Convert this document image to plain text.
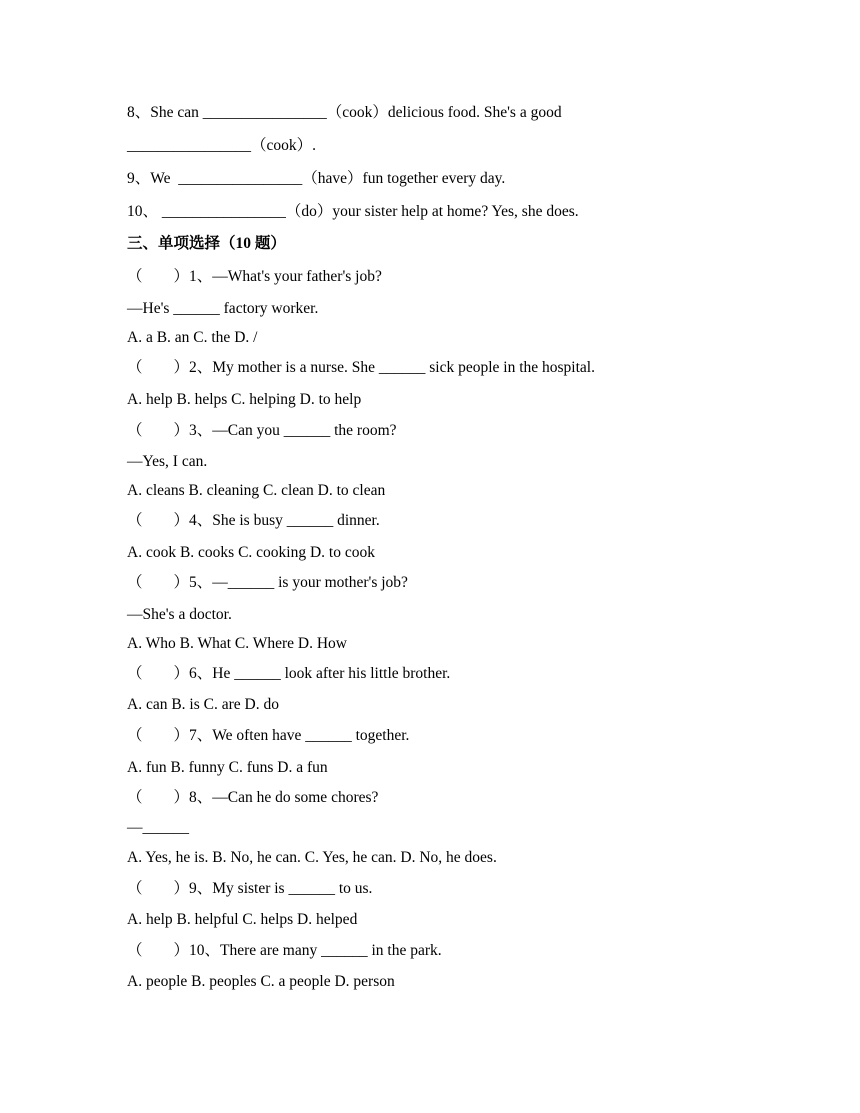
8、She can ________________（cook）delicious food. She's a good
________________（cook）.
9、We  ________________（have）fun together every day.
10、 ________________（do）your sister help at home? Yes, she does.
三、单项选择（10 题）
（        ）1、—What's your father's job?
—He's ______ factory worker.
A. a B. an C. the D. /
（        ）2、My mother is a nurse. She ______ sick people in the hospital.
A. help B. helps C. helping D. to help
（        ）3、—Can you ______ the room?
—Yes, I can.
A. cleans B. cleaning C. clean D. to clean
（        ）4、She is busy ______ dinner.
A. cook B. cooks C. cooking D. to cook
（        ）5、—______ is your mother's job?
—She's a doctor.
A. Who B. What C. Where D. How
（        ）6、He ______ look after his little brother.
A. can B. is C. are D. do
（        ）7、We often have ______ together.
A. fun B. funny C. funs D. a fun
（        ）8、—Can he do some chores?
—______
A. Yes, he is. B. No, he can. C. Yes, he can. D. No, he does.
（        ）9、My sister is ______ to us.
A. help B. helpful C. helps D. helped
（        ）10、There are many ______ in the park.
A. people B. peoples C. a people D. person
